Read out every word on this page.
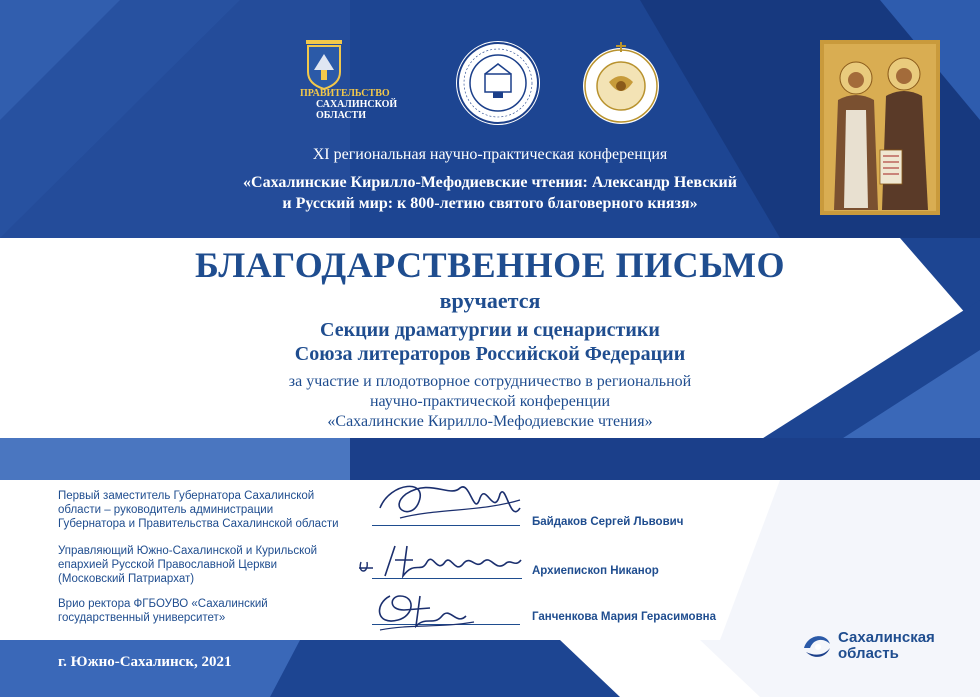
ПРАВИТЕЛЬСТВО
САХАЛИНСКОЙ
ОБЛАСТИ
XI региональная научно-практическая конференция
«Сахалинские Кирилло-Мефодиевские чтения: Александр Невский
и Русский мир: к 800-летию святого благоверного князя»
БЛАГОДАРСТВЕННОЕ ПИСЬМО
вручается
Секции драматургии и сценаристики
Союза литераторов Российской Федерации
за участие и плодотворное сотрудничество в региональной
научно-практической конференции
«Сахалинские Кирилло-Мефодиевские чтения»
Первый заместитель Губернатора Сахалинской
области – руководитель администрации
Губернатора и Правительства Сахалинской области	Байдаков Сергей Львович
Управляющий Южно-Сахалинской и Курильской
епархией Русской Православной Церкви
(Московский Патриархат)
Архиепископ Никанор
Врио ректора ФГБОУВО «Сахалинский
государственный университет»	Ганченкова Мария Герасимовна
г. Южно-Сахалинск, 2021
Сахалинская
область
